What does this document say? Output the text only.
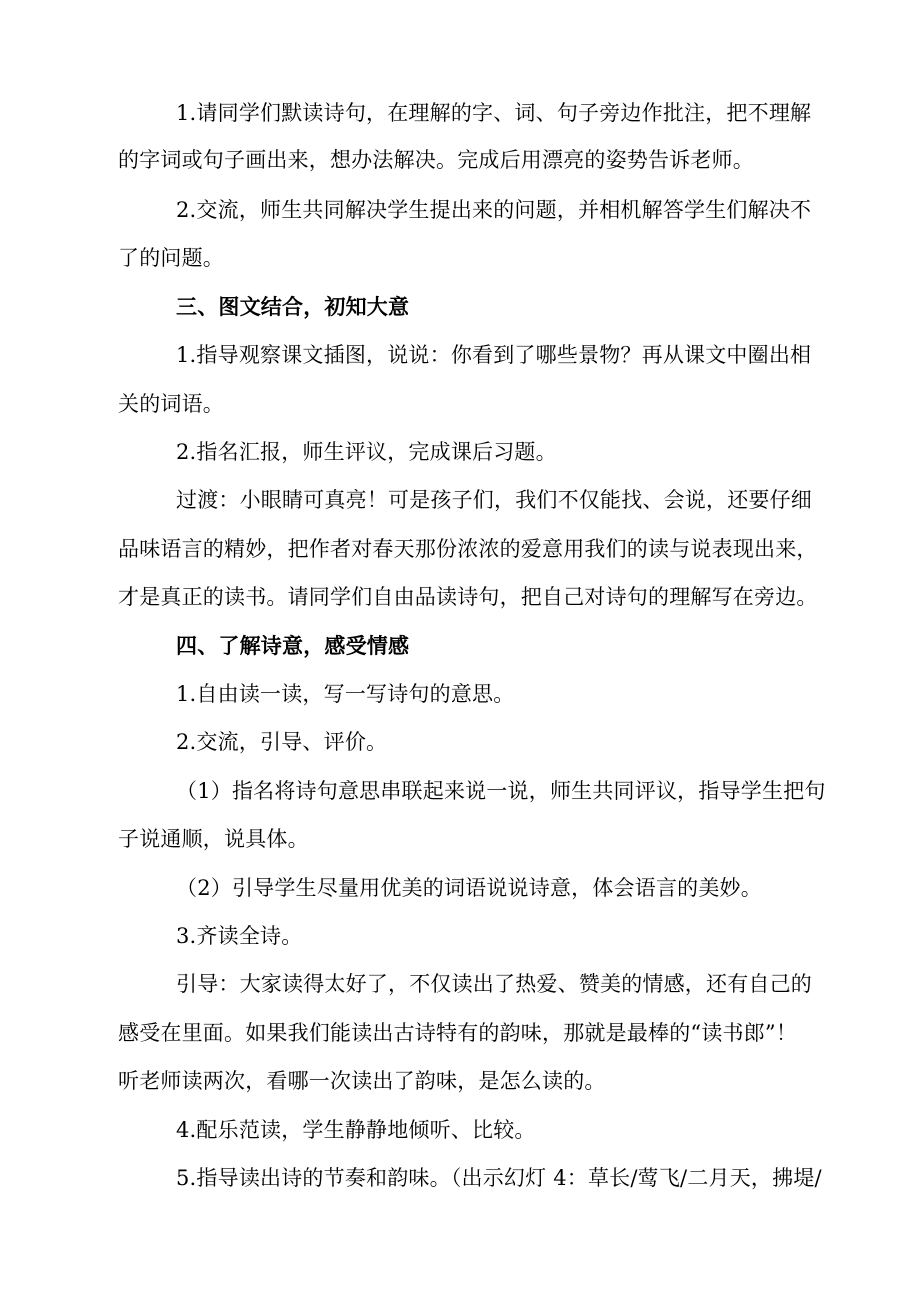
1.请同学们默读诗句，在理解的字、词、句子旁边作批注，把不理解
的字词或句子画出来，想办法解决。完成后用漂亮的姿势告诉老师。
2.交流，师生共同解决学生提出来的问题，并相机解答学生们解决不
了的问题。
三、图文结合，初知大意
1.指导观察课文插图，说说：你看到了哪些景物？再从课文中圈出相
关的词语。
2.指名汇报，师生评议，完成课后习题。
过渡：小眼睛可真亮！可是孩子们，我们不仅能找、会说，还要仔细
品味语言的精妙，把作者对春天那份浓浓的爱意用我们的读与说表现出来，
才是真正的读书。请同学们自由品读诗句，把自己对诗句的理解写在旁边。
四、了解诗意，感受情感
1.自由读一读，写一写诗句的意思。
2.交流，引导、评价。
（1）指名将诗句意思串联起来说一说，师生共同评议，指导学生把句
子说通顺，说具体。
（2）引导学生尽量用优美的词语说说诗意，体会语言的美妙。
3.齐读全诗。
引导：大家读得太好了，不仅读出了热爱、赞美的情感，还有自己的
感受在里面。如果我们能读出古诗特有的韵味，那就是最棒的“读书郎”！
听老师读两次，看哪一次读出了韵味，是怎么读的。
4.配乐范读，学生静静地倾听、比较。
5.指导读出诗的节奏和韵味。（出示幻灯 4：草长/莺飞/二月天，拂堤/
